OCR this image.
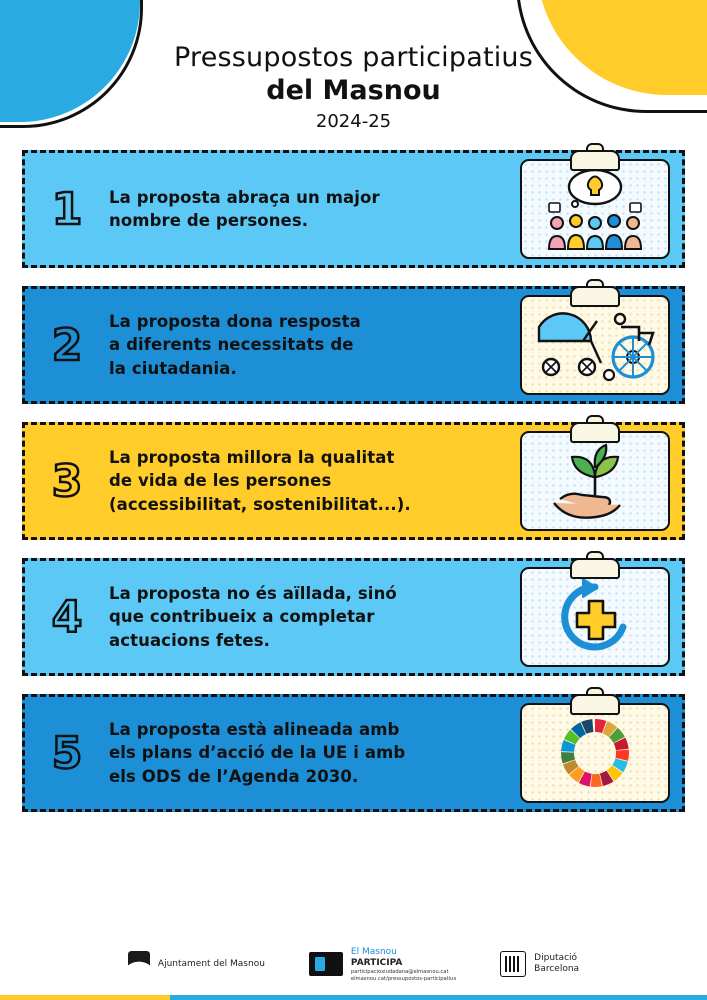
Pressupostos participatius
del Masnou
2024-25
1	La proposta abraça un major
nombre de persones.
2	La proposta dona resposta
a diferents necessitats de
la ciutadania.
3	La proposta millora la qualitat
de vida de les persones
(accessibilitat, sostenibilitat...).
4	La proposta no és aïllada, sinó
que contribueix a completar
actuacions fetes.
5	La proposta està alineada amb
els plans d’acció de la UE i amb
els ODS de l’Agenda 2030.
Ajuntament del Masnou
El Masnou
PARTICIPA
participacioxiudadana@elmasnou.cat
elmasnou.cat/pressupostos-participatius
Diputació
Barcelona
